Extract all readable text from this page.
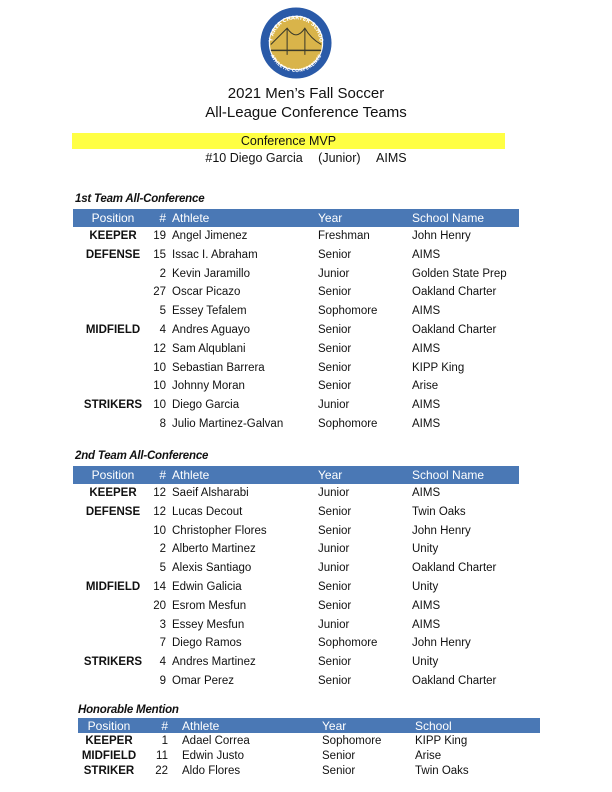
Y AREA CHARTER SCHOO
ATHLETIC CONFERENCE
2021 Men’s Fall Soccer
All-League Conference Teams
Conference MVP
#10 Diego Garcia (Junior) AIMS
1st Team All-Conference
Position	# Athlete	Year	School Name
KEEPER	19 Angel Jimenez	Freshman	John Henry
DEFENSE	15 Issac I. Abraham	Senior	AIMS
2 Kevin Jaramillo	Junior	Golden State Prep
27 Oscar Picazo	Senior	Oakland Charter
5 Essey Tefalem	Sophomore	AIMS
MIDFIELD	4 Andres Aguayo	Senior	Oakland Charter
12 Sam Alqublani	Senior	AIMS
10 Sebastian Barrera	Senior	KIPP King
10 Johnny Moran	Senior	Arise
STRIKERS 10 Diego Garcia	Junior	AIMS
8 Julio Martinez-Galvan	Sophomore	AIMS
2nd Team All-Conference
Position	# Athlete	Year	School Name
KEEPER	12 Saeif Alsharabi	Junior	AIMS
DEFENSE	12 Lucas Decout	Senior	Twin Oaks
10 Christopher Flores	Senior	John Henry
2 Alberto Martinez	Junior	Unity
5 Alexis Santiago	Junior	Oakland Charter
MIDFIELD	14 Edwin Galicia	Senior	Unity
20 Esrom Mesfun	Senior	AIMS
3 Essey Mesfun	Junior	AIMS
7 Diego Ramos	Sophomore	John Henry
STRIKERS	4 Andres Martinez	Senior	Unity
9 Omar Perez	Senior	Oakland Charter
Honorable Mention
Position	# Athlete	Year	School
KEEPER	1 Adael Correa	Sophomore	KIPP King
MIDFIELD	11 Edwin Justo	Senior	Arise
STRIKER	22 Aldo Flores	Senior	Twin Oaks
